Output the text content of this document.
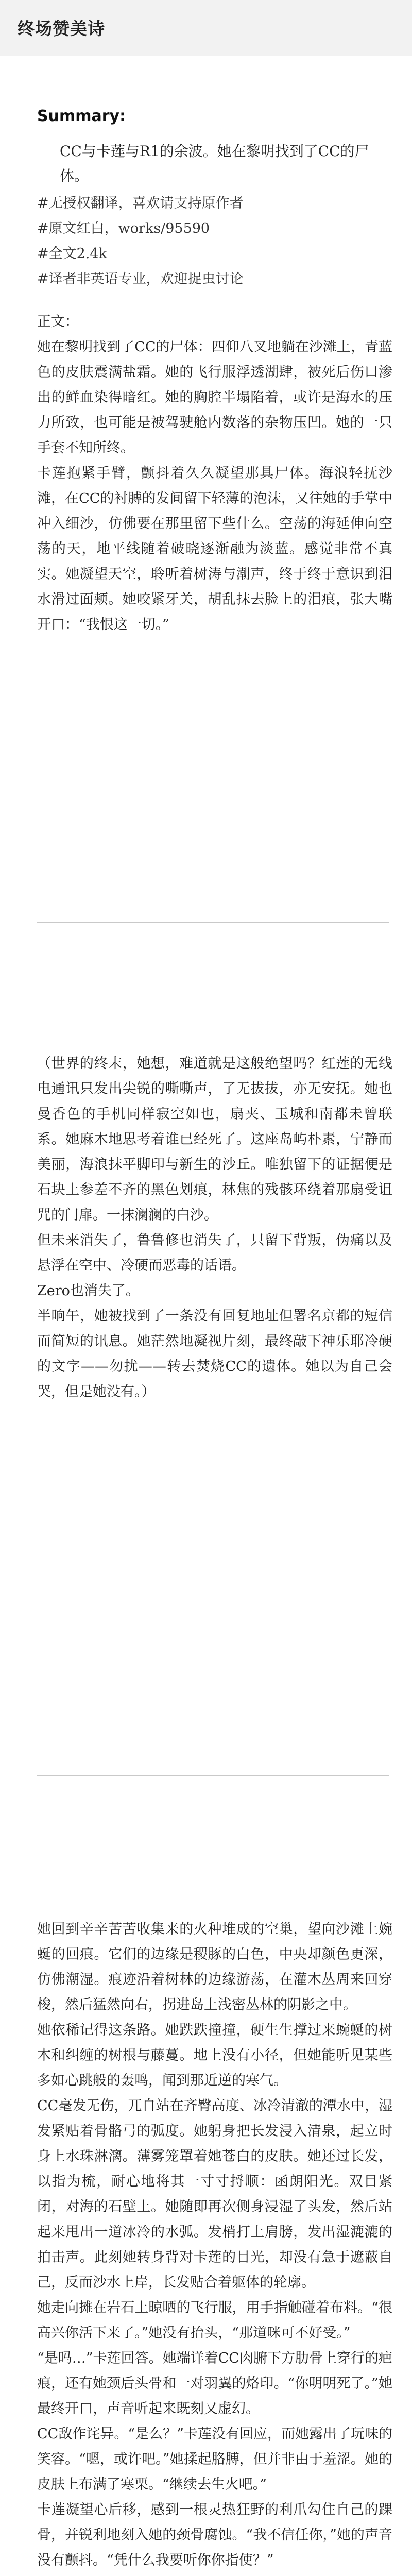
终场赞美诗
Summary:

CC与卡莲与R1的余波。她在黎明找到了CC的尸体。

#无授权翻译，喜欢请支持原作者
#原文红白，works/95590
#全文2.4k
#译者非英语专业，欢迎捉虫讨论

正文：

她在黎明找到了CC的尸体：四仰八叉地躺在沙滩上，青蓝色的皮肤震满盐霜。她的飞行服浮透湖肆，被死后伤口渗出的鲜血染得暗红。她的胸腔半塌陷着，或许是海水的压力所致，也可能是被驾驶舱内数落的杂物压凹。她的一只手套不知所终。

卡莲抱紧手臂，颤抖着久久凝望那具尸体。海浪轻抚沙滩，在CC的衬膊的发间留下轻薄的泡沫，又往她的手掌中冲入细沙，仿佛要在那里留下些什么。空荡的海延伸向空荡的天，地平线随着破晓逐渐融为淡蓝。感觉非常不真实。她凝望天空，聆听着树涛与潮声，终于终于意识到泪水滑过面颊。她咬紧牙关，胡乱抹去脸上的泪痕，张大嘴开口：“我恨这一切。”

（世界的终末，她想，难道就是这般绝望吗？红莲的无线电通讯只发出尖锐的嘶嘶声，了无拔拔，亦无安抚。她也曼香色的手机同样寂空如也，扇夹、玉城和南都未曾联系。她麻木地思考着谁已经死了。这座岛屿朴素，宁静而美丽，海浪抹平脚印与新生的沙丘。唯独留下的证据便是石块上参差不齐的黑色划痕，林焦的残骸环绕着那扇受诅咒的门扉。一抹澜澜的白沙。

但未来消失了，鲁鲁修也消失了，只留下背叛，伪痛以及悬浮在空中、冷硬而恶毒的话语。

Zero也消失了。

半晌午，她被找到了一条没有回复地址但署名京都的短信而简短的讯息。她茫然地凝视片刻，最终敲下神乐耶冷硬的文字——勿扰——转去焚烧CC的遗体。她以为自己会哭，但是她没有。）

她回到辛辛苦苦收集来的火种堆成的空巢，望向沙滩上婉蜒的回痕。它们的边缘是稷豚的白色，中央却颜色更深，仿佛潮湿。痕迹沿着树林的边缘游荡，在灌木丛周来回穿梭，然后猛然向右，拐进岛上浅密丛林的阴影之中。

她依稀记得这条路。她跌跌撞撞，硬生生撑过来蜿蜒的树木和纠缠的树根与藤蔓。地上没有小径，但她能听见某些多如心跳般的轰鸣，闻到那近逆的寒气。

CC毫发无伤，兀自站在齐臀高度、冰冷清澈的潭水中，湿发紧贴着骨骼弓的弧度。她躬身把长发浸入清泉，起立时身上水珠淋漓。薄雾笼罩着她苍白的皮肤。她还过长发，以指为梳，耐心地将其一寸寸捋顺：函朗阳光。双目紧闭，对海的石壁上。她随即再次侧身浸湿了头发，然后站起来甩出一道冰冷的水弧。发梢打上肩膀，发出湿漉漉的拍击声。此刻她转身背对卡莲的目光，却没有急于遮蔽自己，反而沙水上岸，长发贴合着躯体的轮廓。

她走向摊在岩石上晾晒的飞行服，用手指触碰着布料。“很高兴你活下来了。”她没有抬头，“那道咪可不好受。”

“是吗…”卡莲回答。她端详着CC肉腑下方肋骨上穿行的疤痕，还有她颈后头骨和一对羽翼的烙印。“你明明死了。”她最终开口，声音听起来既刻又虚幻。

CC敌作诧异。“是么？”卡莲没有回应，而她露出了玩味的笑容。“嗯，或许吧。”她揉起胳膊，但并非由于羞涩。她的皮肤上布满了寒栗。“继续去生火吧。”

卡莲凝望心后移，感到一根灵热狂野的利爪勾住自己的踝骨，并锐利地刻入她的颈骨腐蚀。“我不信任你，”她的声音没有颤抖。“凭什么我要听你你指使？”
